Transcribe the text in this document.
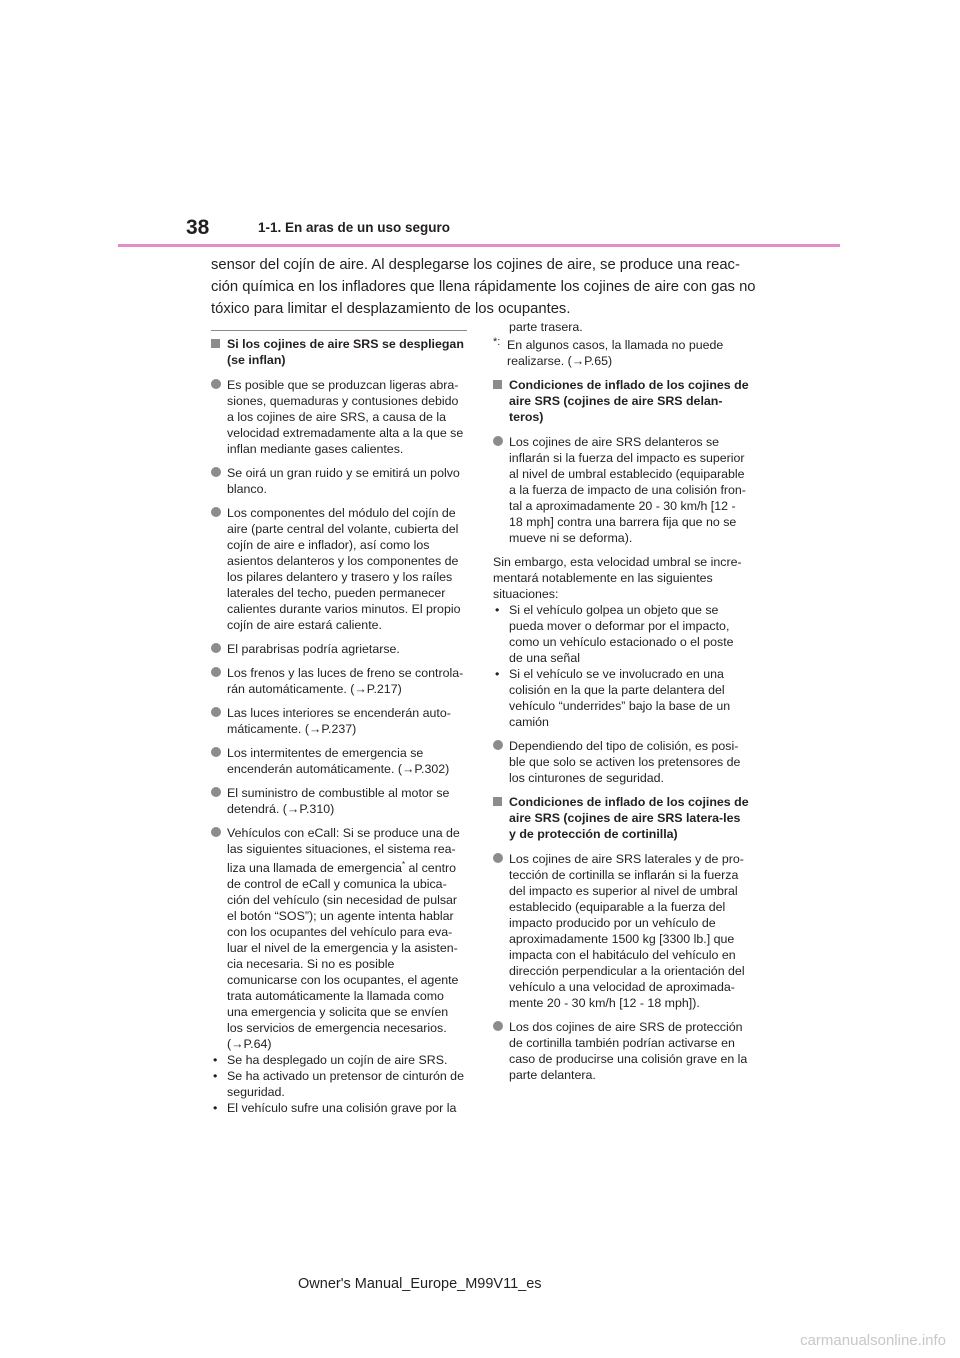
38	1-1. En aras de un uso seguro
sensor del cojín de aire. Al desplegarse los cojines de aire, se produce una reac-
ción química en los infladores que llena rápidamente los cojines de aire con gas no
tóxico para limitar el desplazamiento de los ocupantes.
Si los cojines de aire SRS se despliegan (se inflan)
Es posible que se produzcan ligeras abra-siones, quemaduras y contusiones debido a los cojines de aire SRS, a causa de la velocidad extremadamente alta a la que se inflan mediante gases calientes.
Se oirá un gran ruido y se emitirá un polvo blanco.
Los componentes del módulo del cojín de aire (parte central del volante, cubierta del cojín de aire e inflador), así como los asientos delanteros y los componentes de los pilares delantero y trasero y los raíles laterales del techo, pueden permanecer calientes durante varios minutos. El propio cojín de aire estará caliente.
El parabrisas podría agrietarse.
Los frenos y las luces de freno se controla-rán automáticamente. (→P.217)
Las luces interiores se encenderán auto-máticamente. (→P.237)
Los intermitentes de emergencia se encenderán automáticamente. (→P.302)
El suministro de combustible al motor se detendrá. (→P.310)
Vehículos con eCall: Si se produce una de las siguientes situaciones, el sistema rea-liza una llamada de emergencia* al centro de control de eCall y comunica la ubica-ción del vehículo (sin necesidad de pulsar el botón “SOS”); un agente intenta hablar con los ocupantes del vehículo para eva-luar el nivel de la emergencia y la asisten-cia necesaria. Si no es posible comunicarse con los ocupantes, el agente trata automáticamente la llamada como una emergencia y solicita que se envíen los servicios de emergencia necesarios. (→P.64)
• Se ha desplegado un cojín de aire SRS.
• Se ha activado un pretensor de cinturón de seguridad.
• El vehículo sufre una colisión grave por la
parte trasera.
*: En algunos casos, la llamada no puede realizarse. (→P.65)
Condiciones de inflado de los cojines de aire SRS (cojines de aire SRS delan-teros)
Los cojines de aire SRS delanteros se inflarán si la fuerza del impacto es superior al nivel de umbral establecido (equiparable a la fuerza de impacto de una colisión fron-tal a aproximadamente 20 - 30 km/h [12 - 18 mph] contra una barrera fija que no se mueve ni se deforma).
Sin embargo, esta velocidad umbral se incre-mentará notablemente en las siguientes situaciones:
• Si el vehículo golpea un objeto que se pueda mover o deformar por el impacto, como un vehículo estacionado o el poste de una señal
• Si el vehículo se ve involucrado en una colisión en la que la parte delantera del vehículo “underrides” bajo la base de un camión
Dependiendo del tipo de colisión, es posi-ble que solo se activen los pretensores de los cinturones de seguridad.
Condiciones de inflado de los cojines de aire SRS (cojines de aire SRS latera-les y de protección de cortinilla)
Los cojines de aire SRS laterales y de pro-tección de cortinilla se inflarán si la fuerza del impacto es superior al nivel de umbral establecido (equiparable a la fuerza del impacto producido por un vehículo de aproximadamente 1500 kg [3300 lb.] que impacta con el habitáculo del vehículo en dirección perpendicular a la orientación del vehículo a una velocidad de aproximada-mente 20 - 30 km/h [12 - 18 mph]).
Los dos cojines de aire SRS de protección de cortinilla también podrían activarse en caso de producirse una colisión grave en la parte delantera.
Owner's Manual_Europe_M99V11_es
carmanualsonline.info
